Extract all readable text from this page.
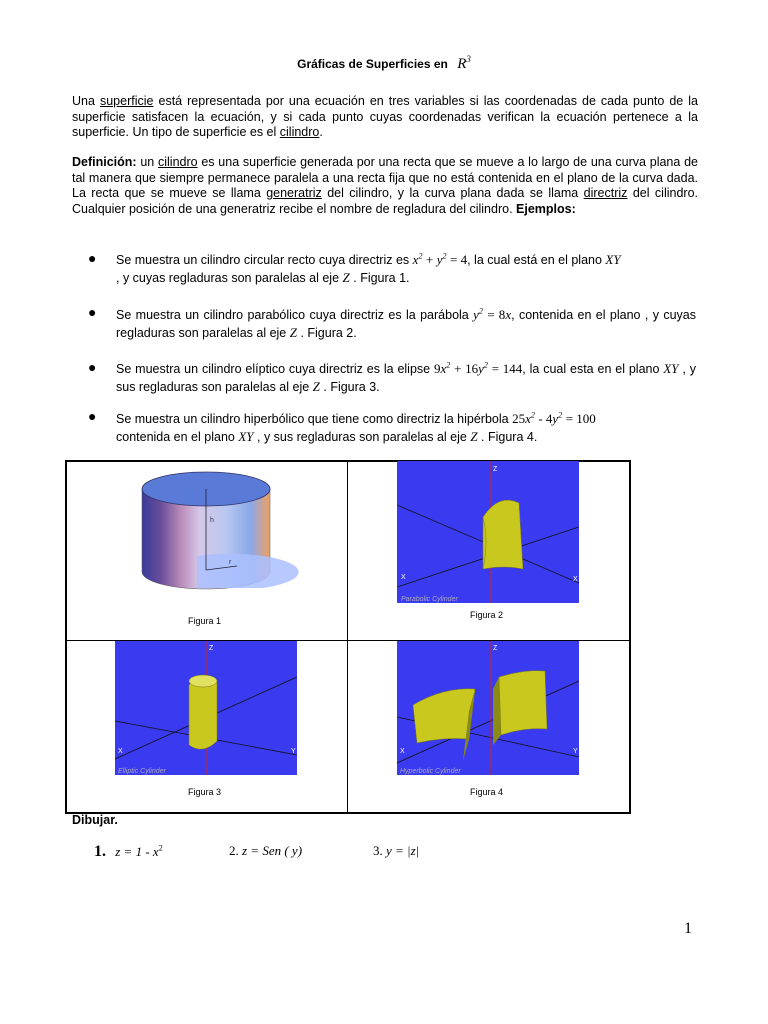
Gráficas de Superficies en $R^3$
Una superficie está representada por una ecuación en tres variables si las coordenadas de cada punto de la superficie satisfacen la ecuación, y si cada punto cuyas coordenadas verifican la ecuación pertenece a la superficie. Un tipo de superficie es el cilindro.
Definición: un cilindro es una superficie generada por una recta que se mueve a lo largo de una curva plana de tal manera que siempre permanece paralela a una recta fija que no está contenida en el plano de la curva dada. La recta que se mueve se llama generatriz del cilindro, y la curva plana dada se llama directriz del cilindro. Cualquier posición de una generatriz recibe el nombre de regladura del cilindro. Ejemplos:
● Se muestra un cilindro circular recto cuya directriz es $x^2 + y^2 = 4$, la cual está en el plano XY
, y cuyas regladuras son paralelas al eje Z . Figura 1.
● Se muestra un cilindro parabólico cuya directriz es la parábola $y^2 = 8x$, contenida en el plano , y cuyas regladuras son paralelas al eje Z . Figura 2.
● Se muestra un cilindro elíptico cuya directriz es la elipse $9x^2 + 16y^2 = 144$, la cual esta en el plano XY , y sus regladuras son paralelas al eje Z . Figura 3.
● Se muestra un cilindro hiperbólico que tiene como directriz la hipérbola $25x^2 - 4y^2 = 100$
contenida en el plano XY , y sus regladuras son paralelas al eje Z . Figura 4.
h
r
Figura 1
Z
X	X
Parabolic Cylinder
Figura 2
Z
X	Y
Elliptic Cylinder
Figura 3
Z
X	Y
Hyperbolic Cylinder
Figura 4
Dibujar.
1. $z = 1 - x^2$	2. z = Sen ( y)	3. y = |z|
1
